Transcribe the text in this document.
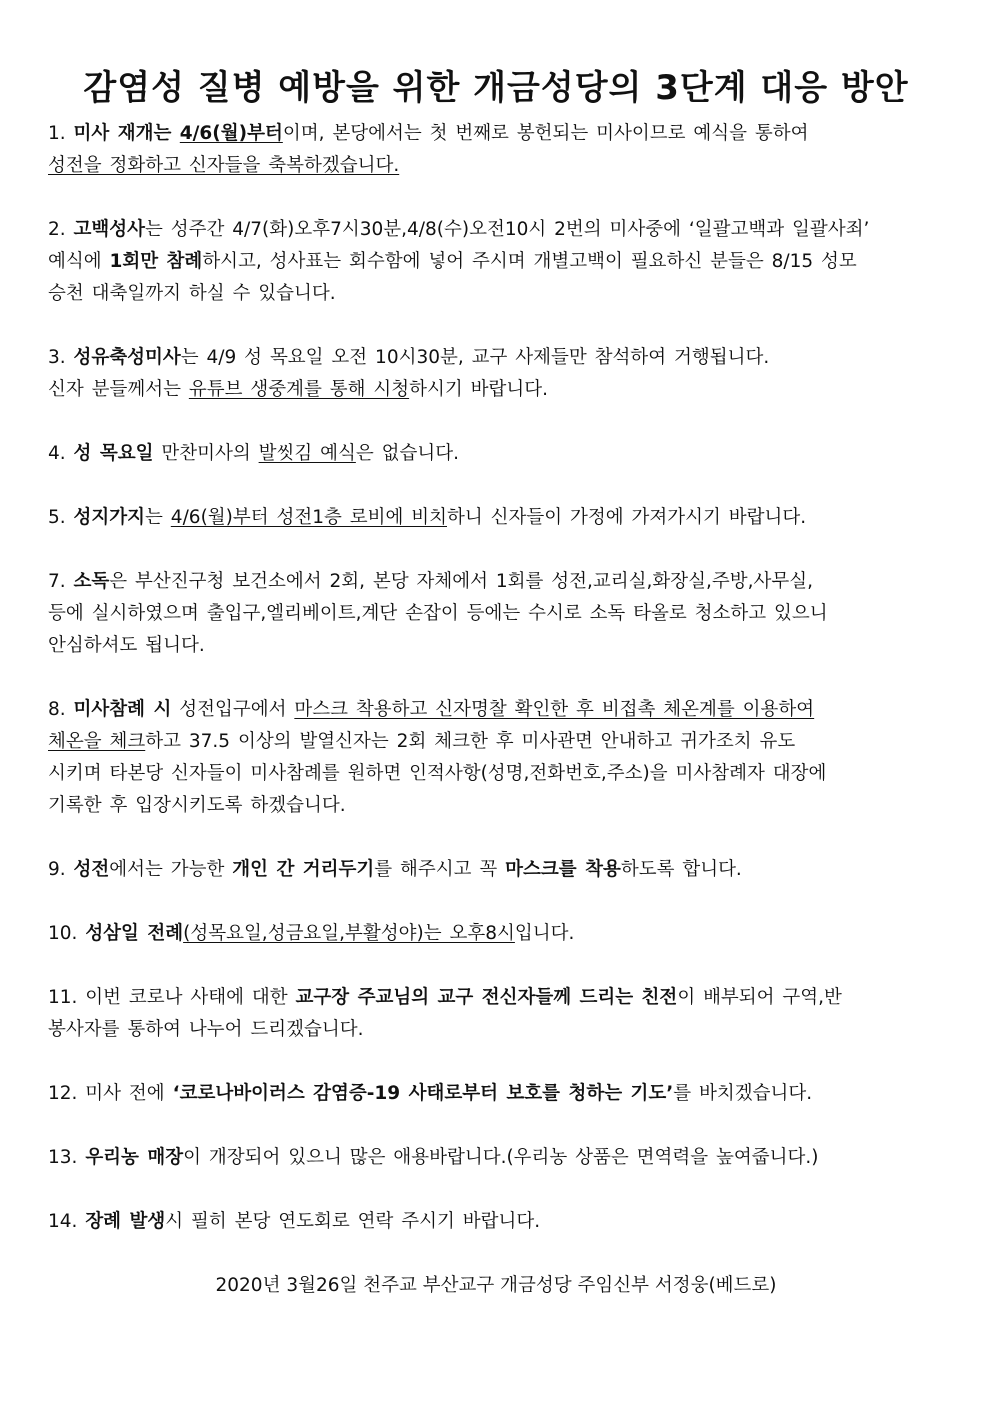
감염성 질병 예방을 위한 개금성당의 3단계 대응 방안

1. 미사 재개는 4/6(월)부터이며, 본당에서는 첫 번째로 봉헌되는 미사이므로 예식을 통하여
성전을 정화하고 신자들을 축복하겠습니다.

2. 고백성사는 성주간 4/7(화)오후7시30분,4/8(수)오전10시 2번의 미사중에 ‘일괄고백과 일괄사죄’
예식에 1회만 참례하시고, 성사표는 회수함에 넣어 주시며 개별고백이 필요하신 분들은 8/15 성모
승천 대축일까지 하실 수 있습니다.

3. 성유축성미사는 4/9 성 목요일 오전 10시30분, 교구 사제들만 참석하여 거행됩니다.
신자 분들께서는 유튜브 생중계를 통해 시청하시기 바랍니다.

4. 성 목요일 만찬미사의 발씻김 예식은 없습니다.

5. 성지가지는 4/6(월)부터 성전1층 로비에 비치하니 신자들이 가정에 가져가시기 바랍니다.

7. 소독은 부산진구청 보건소에서 2회, 본당 자체에서 1회를 성전,교리실,화장실,주방,사무실,
등에 실시하였으며 출입구,엘리베이트,계단 손잡이 등에는 수시로 소독 타올로 청소하고 있으니
안심하셔도 됩니다.

8. 미사참례 시 성전입구에서 마스크 착용하고 신자명찰 확인한 후 비접촉 체온계를 이용하여
체온을 체크하고 37.5 이상의 발열신자는 2회 체크한 후 미사관면 안내하고 귀가조치 유도
시키며 타본당 신자들이 미사참례를 원하면 인적사항(성명,전화번호,주소)을 미사참례자 대장에
기록한 후 입장시키도록 하겠습니다.

9. 성전에서는 가능한 개인 간 거리두기를 해주시고 꼭 마스크를 착용하도록 합니다.

10. 성삼일 전례(성목요일,성금요일,부활성야)는 오후8시입니다.

11. 이번 코로나 사태에 대한 교구장 주교님의 교구 전신자들께 드리는 친전이 배부되어 구역,반
봉사자를 통하여 나누어 드리겠습니다.

12. 미사 전에 ‘코로나바이러스 감염증-19 사태로부터 보호를 청하는 기도’를 바치겠습니다.

13. 우리농 매장이 개장되어 있으니 많은 애용바랍니다.(우리농 상품은 면역력을 높여줍니다.)

14. 장례 발생시 필히 본당 연도회로 연락 주시기 바랍니다.

2020년 3월26일 천주교 부산교구 개금성당 주임신부 서정웅(베드로)
